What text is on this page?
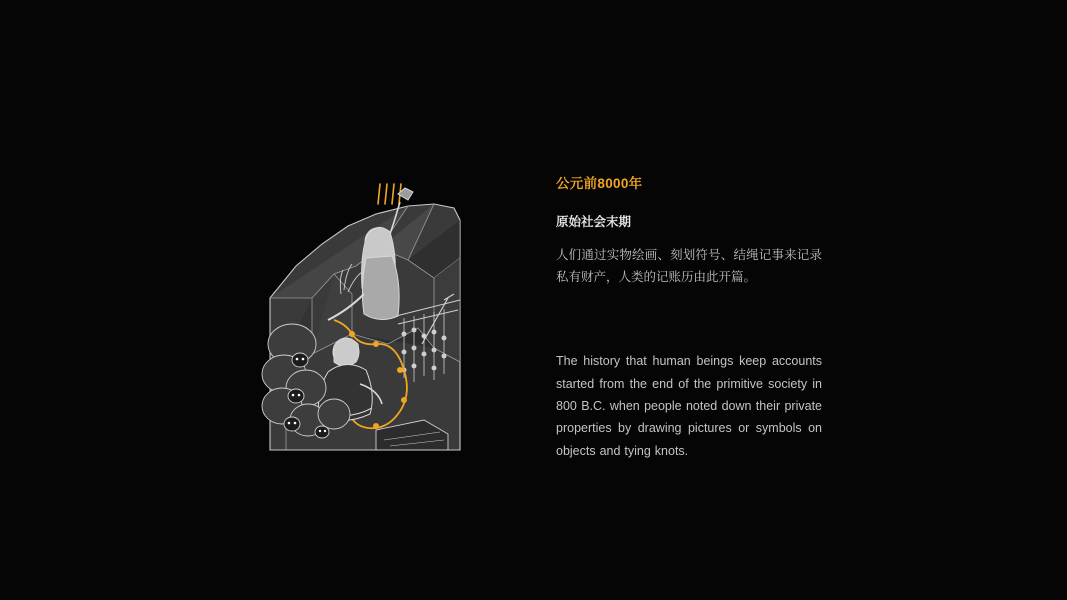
公元前8000年
原始社会末期

人们通过实物绘画、刻划符号、结绳记事来记录私有财产，人类的记账历由此开篇。

The history that human beings keep accounts started from the end of the primitive society in 800 B.C. when people noted down their private properties by drawing pictures or symbols on objects and tying knots.
